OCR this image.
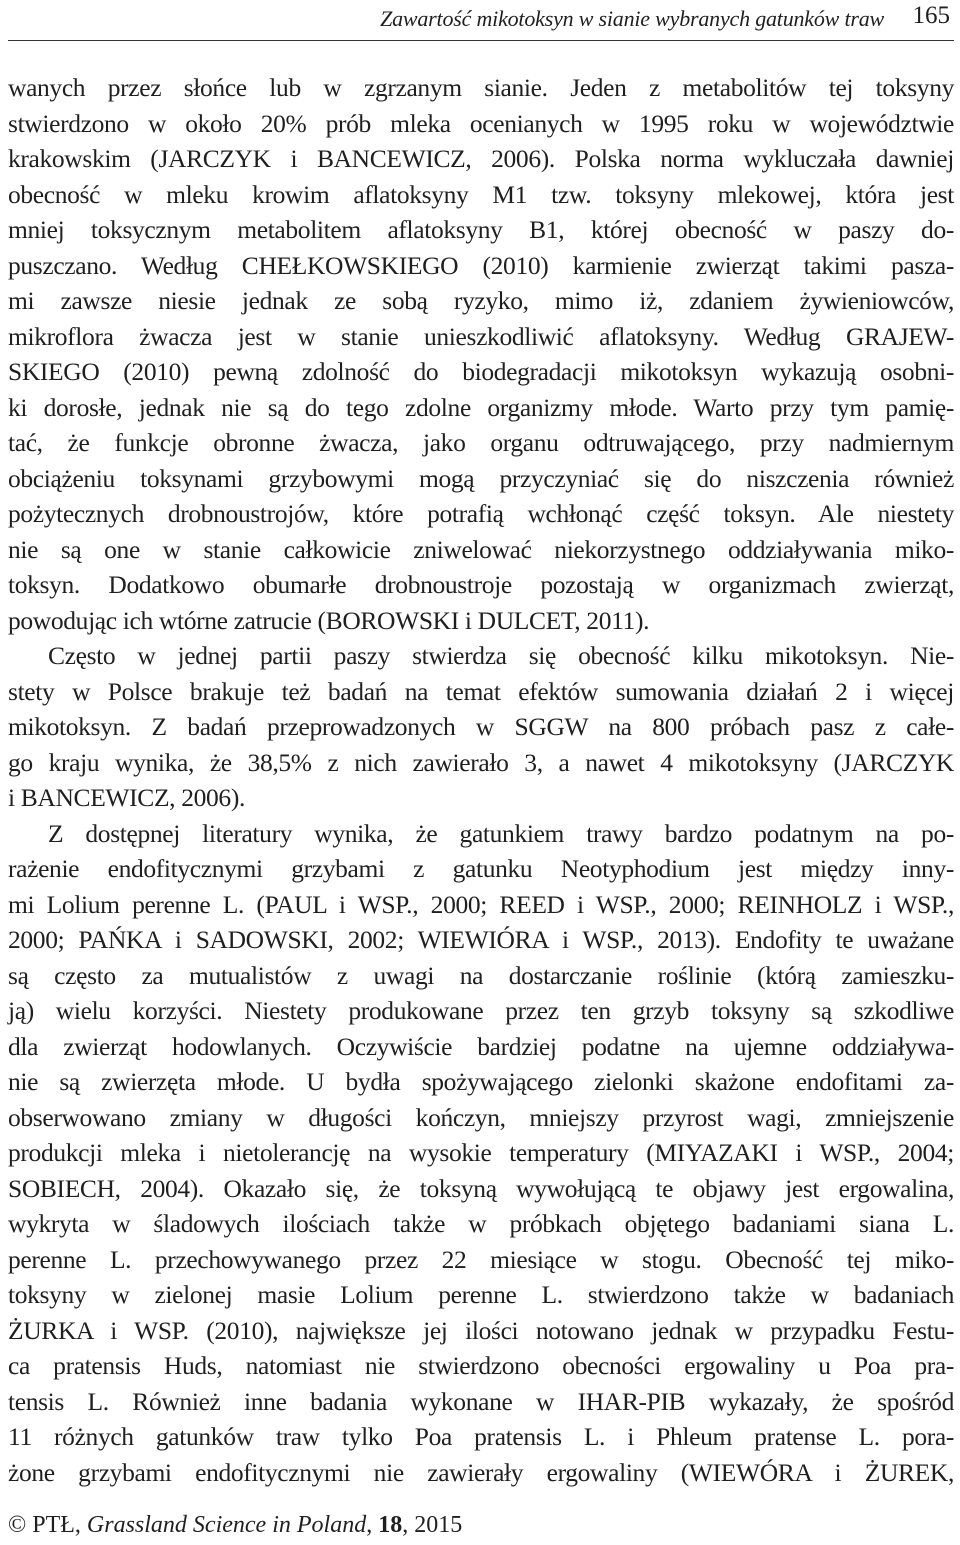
Zawartość mikotoksyn w sianie wybranych gatunków traw 165
wanych przez słońce lub w zgrzanym sianie. Jeden z metabolitów tej toksyny
stwierdzono w około 20% prób mleka ocenianych w 1995 roku w województwie
krakowskim (JARCZYK i BANCEWICZ, 2006). Polska norma wykluczała dawniej
obecność w mleku krowim aflatoksyny M1 tzw. toksyny mlekowej, która jest
mniej toksycznym metabolitem aflatoksyny B1, której obecność w paszy do-
puszczano. Według CHEŁKOWSKIEGO (2010) karmienie zwierząt takimi pasza-
mi zawsze niesie jednak ze sobą ryzyko, mimo iż, zdaniem żywieniowców,
mikroflora żwacza jest w stanie unieszkodliwić aflatoksyny. Według GRAJEW-
SKIEGO (2010) pewną zdolność do biodegradacji mikotoksyn wykazują osobni-
ki dorosłe, jednak nie są do tego zdolne organizmy młode. Warto przy tym pamię-
tać, że funkcje obronne żwacza, jako organu odtruwającego, przy nadmiernym
obciążeniu toksynami grzybowymi mogą przyczyniać się do niszczenia również
pożytecznych drobnoustrojów, które potrafią wchłonąć część toksyn. Ale niestety
nie są one w stanie całkowicie zniwelować niekorzystnego oddziaływania miko-
toksyn. Dodatkowo obumarłe drobnoustroje pozostają w organizmach zwierząt,
powodując ich wtórne zatrucie (BOROWSKI i DULCET, 2011).
Często w jednej partii paszy stwierdza się obecność kilku mikotoksyn. Nie-
stety w Polsce brakuje też badań na temat efektów sumowania działań 2 i więcej
mikotoksyn. Z badań przeprowadzonych w SGGW na 800 próbach pasz z całe-
go kraju wynika, że 38,5% z nich zawierało 3, a nawet 4 mikotoksyny (JARCZYK
i BANCEWICZ, 2006).
Z dostępnej literatury wynika, że gatunkiem trawy bardzo podatnym na po-
rażenie endofitycznymi grzybami z gatunku Neotyphodium jest między inny-
mi Lolium perenne L. (PAUL i WSP., 2000; REED i WSP., 2000; REINHOLZ i WSP.,
2000; PAŃKA i SADOWSKI, 2002; WIEWIÓRA i WSP., 2013). Endofity te uważane
są często za mutualistów z uwagi na dostarczanie roślinie (którą zamieszku-
ją) wielu korzyści. Niestety produkowane przez ten grzyb toksyny są szkodliwe
dla zwierząt hodowlanych. Oczywiście bardziej podatne na ujemne oddziaływa-
nie są zwierzęta młode. U bydła spożywającego zielonki skażone endofitami za-
obserwowano zmiany w długości kończyn, mniejszy przyrost wagi, zmniejszenie
produkcji mleka i nietolerancję na wysokie temperatury (MIYAZAKI i WSP., 2004;
SOBIECH, 2004). Okazało się, że toksyną wywołującą te objawy jest ergowalina,
wykryta w śladowych ilościach także w próbkach objętego badaniami siana L.
perenne L. przechowywanego przez 22 miesiące w stogu. Obecność tej miko-
toksyny w zielonej masie Lolium perenne L. stwierdzono także w badaniach
ŻURKA i WSP. (2010), największe jej ilości notowano jednak w przypadku Festu-
ca pratensis Huds, natomiast nie stwierdzono obecności ergowaliny u Poa pra-
tensis L. Również inne badania wykonane w IHAR-PIB wykazały, że spośród
11 różnych gatunków traw tylko Poa pratensis L. i Phleum pratense L. pora-
żone grzybami endofitycznymi nie zawierały ergowaliny (WIEWÓRA i ŻUREK,
© PTŁ, Grassland Science in Poland, 18, 2015
